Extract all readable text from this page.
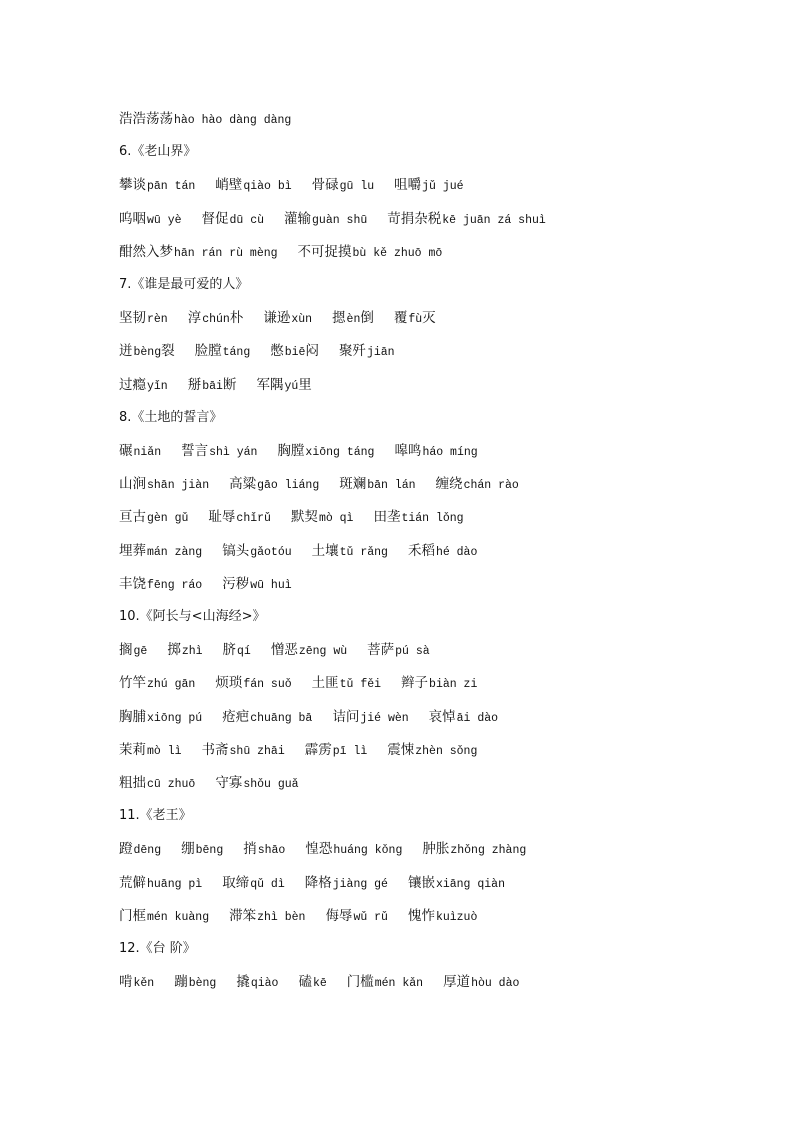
浩浩荡荡hào hào dàng dàng
6.《老山界》
攀谈pān tán 峭壁qiào bì 骨碌gū lu 咀嚼jǔ jué
呜咽wū yè 督促dū cù 灌输guàn shū 苛捐杂税kē juān zá shuì
酣然入梦hān rán rù mèng 不可捉摸bù kě zhuō mō
7.《谁是最可爱的人》
坚韧rèn 淳chún朴 谦逊xùn 摁èn倒 覆fù灭
迸bèng裂 脸膛táng 憋biē闷 聚歼jiān
过瘾yǐn 掰bāi断 军隅yú里
8.《土地的誓言》
碾niǎn 誓言shì yán 胸膛xiōng táng 嗥鸣háo míng
山涧shān jiàn 高粱gāo liáng 斑斓bān lán 缠绕chán rào
亘古gèn gǔ 耻辱chǐrǔ 默契mò qì 田垄tián lǒng
埋葬mán zàng 镐头gǎotóu 土壤tǔ rǎng 禾稻hé dào
丰饶fēng ráo 污秽wū huì
10.《阿长与<山海经>》
搁gē 掷zhì 脐qí 憎恶zēng wù 菩萨pú sà
竹竿zhú gān 烦琐fán suǒ 土匪tǔ fěi 辫子biàn zi
胸脯xiōng pú 疮疤chuāng bā 诘问jié wèn 哀悼āi dào
茉莉mò lì 书斋shū zhāi 霹雳pī lì 震悚zhèn sǒng
粗拙cū zhuō 守寡shǒu guǎ
11.《老王》
蹬dēng 绷bēng 捎shāo 惶恐huáng kǒng 肿胀zhǒng zhàng
荒僻huāng pì 取缔qǔ dì 降格jiàng gé 镶嵌xiāng qiàn
门框mén kuàng 滞笨zhì bèn 侮辱wǔ rǔ 愧怍kuìzuò
12.《台 阶》
啃kěn 蹦bèng 撬qiào 磕kē 门槛mén kǎn 厚道hòu dào
